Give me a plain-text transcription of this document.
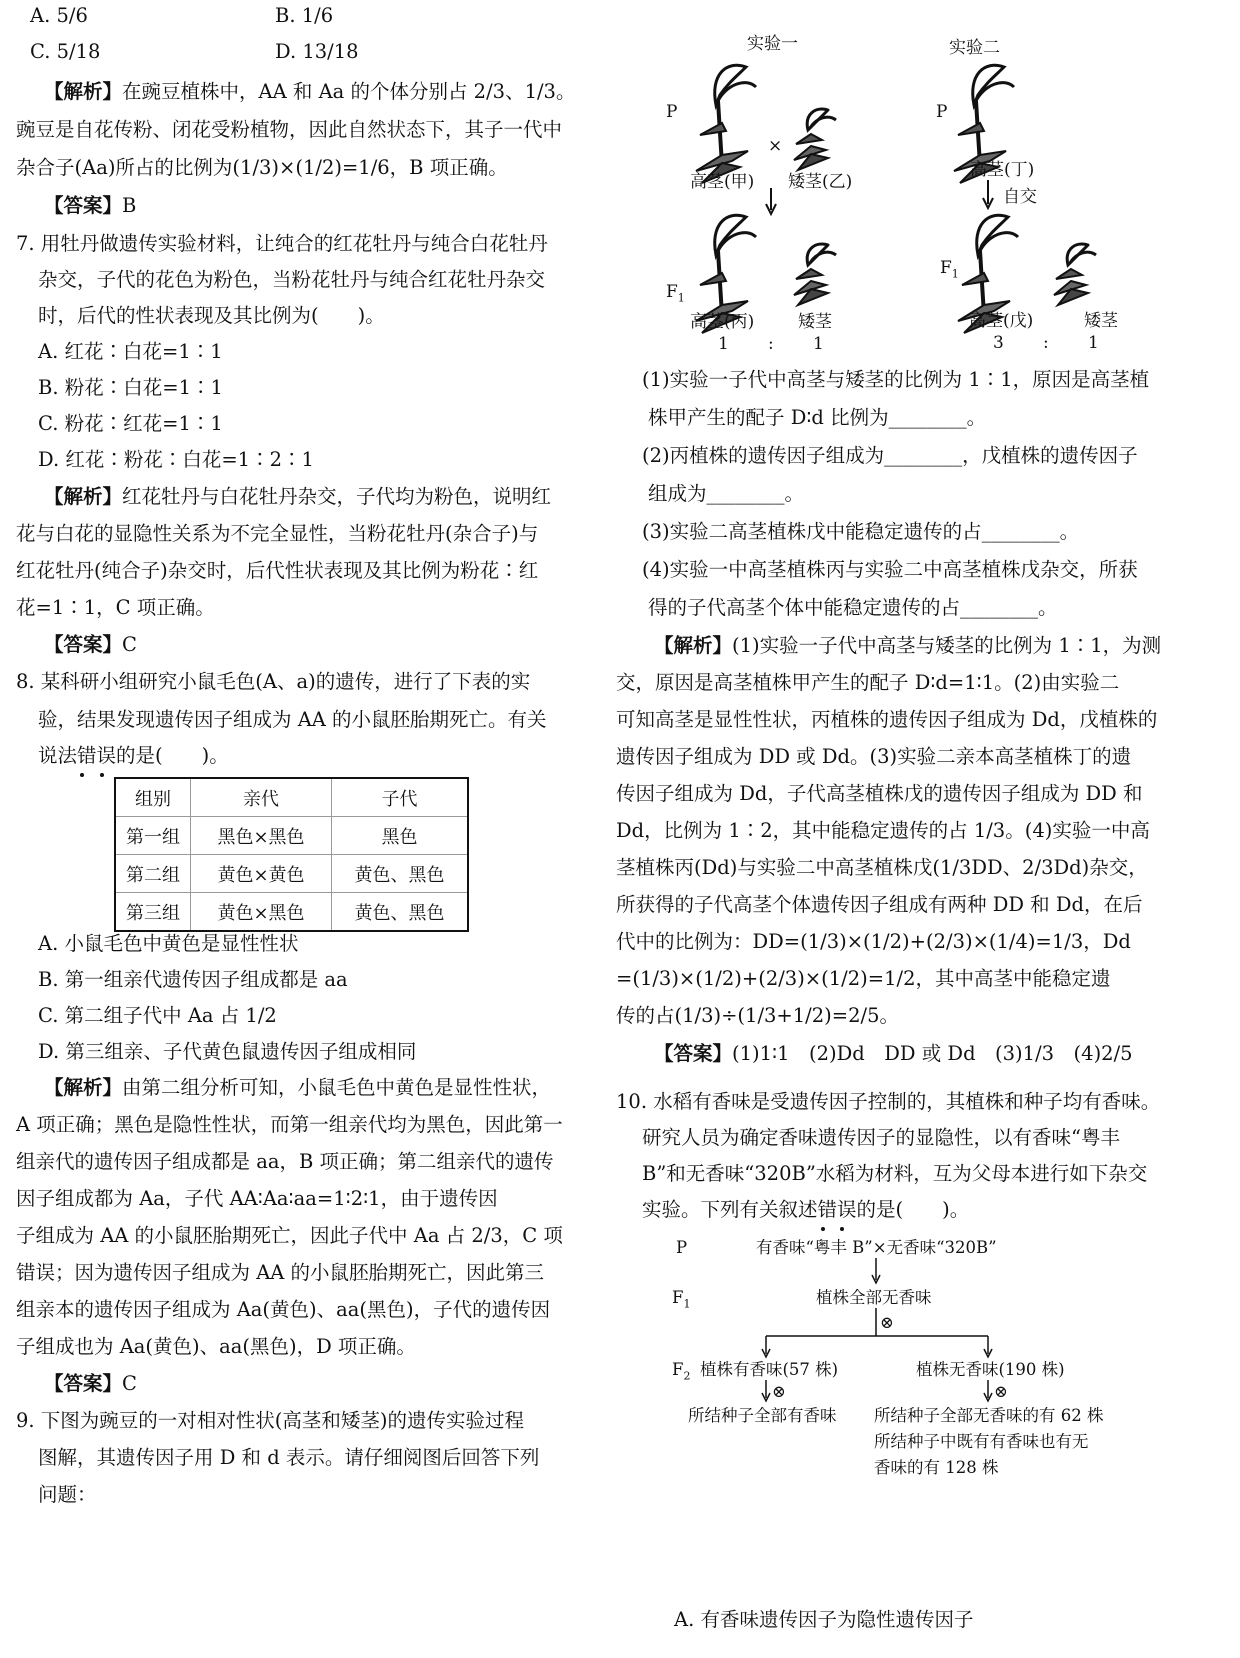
A. 5/6	B. 1/6
C. 5/18	D. 13/18
【解析】在豌豆植株中，AA 和 Aa 的个体分别占 2/3、1/3。
豌豆是自花传粉、闭花受粉植物，因此自然状态下，其子一代中
杂合子(Aa)所占的比例为(1/3)×(1/2)=1/6，B 项正确。
【答案】B
7. 用牡丹做遗传实验材料，让纯合的红花牡丹与纯合白花牡丹
杂交，子代的花色为粉色，当粉花牡丹与纯合红花牡丹杂交
时，后代的性状表现及其比例为(　　)。
A. 红花∶白花=1∶1
B. 粉花∶白花=1∶1
C. 粉花∶红花=1∶1
D. 红花∶粉花∶白花=1∶2∶1
【解析】红花牡丹与白花牡丹杂交，子代均为粉色，说明红
花与白花的显隐性关系为不完全显性，当粉花牡丹(杂合子)与
红花牡丹(纯合子)杂交时，后代性状表现及其比例为粉花∶红
花=1∶1，C 项正确。
【答案】C
8. 某科研小组研究小鼠毛色(A、a)的遗传，进行了下表的实
验，结果发现遗传因子组成为 AA 的小鼠胚胎期死亡。有关
说法错误的是(　　)。
组别	亲代	子代
第一组	黑色×黑色	黑色
第二组	黄色×黄色	黄色、黑色
第三组	黄色×黑色	黄色、黑色
A. 小鼠毛色中黄色是显性性状
B. 第一组亲代遗传因子组成都是 aa
C. 第二组子代中 Aa 占 1/2
D. 第三组亲、子代黄色鼠遗传因子组成相同
【解析】由第二组分析可知，小鼠毛色中黄色是显性性状，
A 项正确；黑色是隐性性状，而第一组亲代均为黑色，因此第一
组亲代的遗传因子组成都是 aa，B 项正确；第二组亲代的遗传
因子组成都为 Aa，子代 AA∶Aa∶aa=1∶2∶1，由于遗传因
子组成为 AA 的小鼠胚胎期死亡，因此子代中 Aa 占 2/3，C 项
错误；因为遗传因子组成为 AA 的小鼠胚胎期死亡，因此第三
组亲本的遗传因子组成为 Aa(黄色)、aa(黑色)，子代的遗传因
子组成也为 Aa(黄色)、aa(黑色)，D 项正确。
【答案】C
9. 下图为豌豆的一对相对性状(高茎和矮茎)的遗传实验过程
图解，其遗传因子用 D 和 d 表示。请仔细阅图后回答下列
问题：
实验一	实验二
P	P
×
高茎(甲) 矮茎(乙)
高茎(丁)
自交
$F_1$
$F_1$
高茎(丙)	矮茎	高茎(戊)	矮茎
1 : 1	3 : 1
(1)实验一子代中高茎与矮茎的比例为 1∶1，原因是高茎植
株甲产生的配子 D∶d 比例为________。
(2)丙植株的遗传因子组成为________，戊植株的遗传因子
组成为________。
(3)实验二高茎植株戊中能稳定遗传的占________。
(4)实验一中高茎植株丙与实验二中高茎植株戊杂交，所获
得的子代高茎个体中能稳定遗传的占________。
【解析】(1)实验一子代中高茎与矮茎的比例为 1∶1，为测
交，原因是高茎植株甲产生的配子 D∶d=1∶1。(2)由实验二
可知高茎是显性性状，丙植株的遗传因子组成为 Dd，戊植株的
遗传因子组成为 DD 或 Dd。(3)实验二亲本高茎植株丁的遗
传因子组成为 Dd，子代高茎植株戊的遗传因子组成为 DD 和
Dd，比例为 1∶2，其中能稳定遗传的占 1/3。(4)实验一中高
茎植株丙(Dd)与实验二中高茎植株戊(1/3DD、2/3Dd)杂交，
所获得的子代高茎个体遗传因子组成有两种 DD 和 Dd，在后
代中的比例为：DD=(1/3)×(1/2)+(2/3)×(1/4)=1/3，Dd
=(1/3)×(1/2)+(2/3)×(1/2)=1/2，其中高茎中能稳定遗
传的占(1/3)÷(1/3+1/2)=2/5。
【答案】(1)1∶1　(2)Dd　DD 或 Dd　(3)1/3　(4)2/5
10. 水稻有香味是受遗传因子控制的，其植株和种子均有香味。
研究人员为确定香味遗传因子的显隐性，以有香味“粤丰
B”和无香味“320B”水稻为材料，互为父母本进行如下杂交
实验。下列有关叙述错误的是(　　)。
P	有香味“粤丰 B”×无香味“320B”
$F_1$	植株全部无香味
⊗
$F_2$ 植株有香味(57 株)	植株无香味(190 株)
⊗	⊗
所结种子全部有香味 所结种子全部无香味的有 62 株
所结种子中既有有香味也有无
香味的有 128 株
A. 有香味遗传因子为隐性遗传因子
